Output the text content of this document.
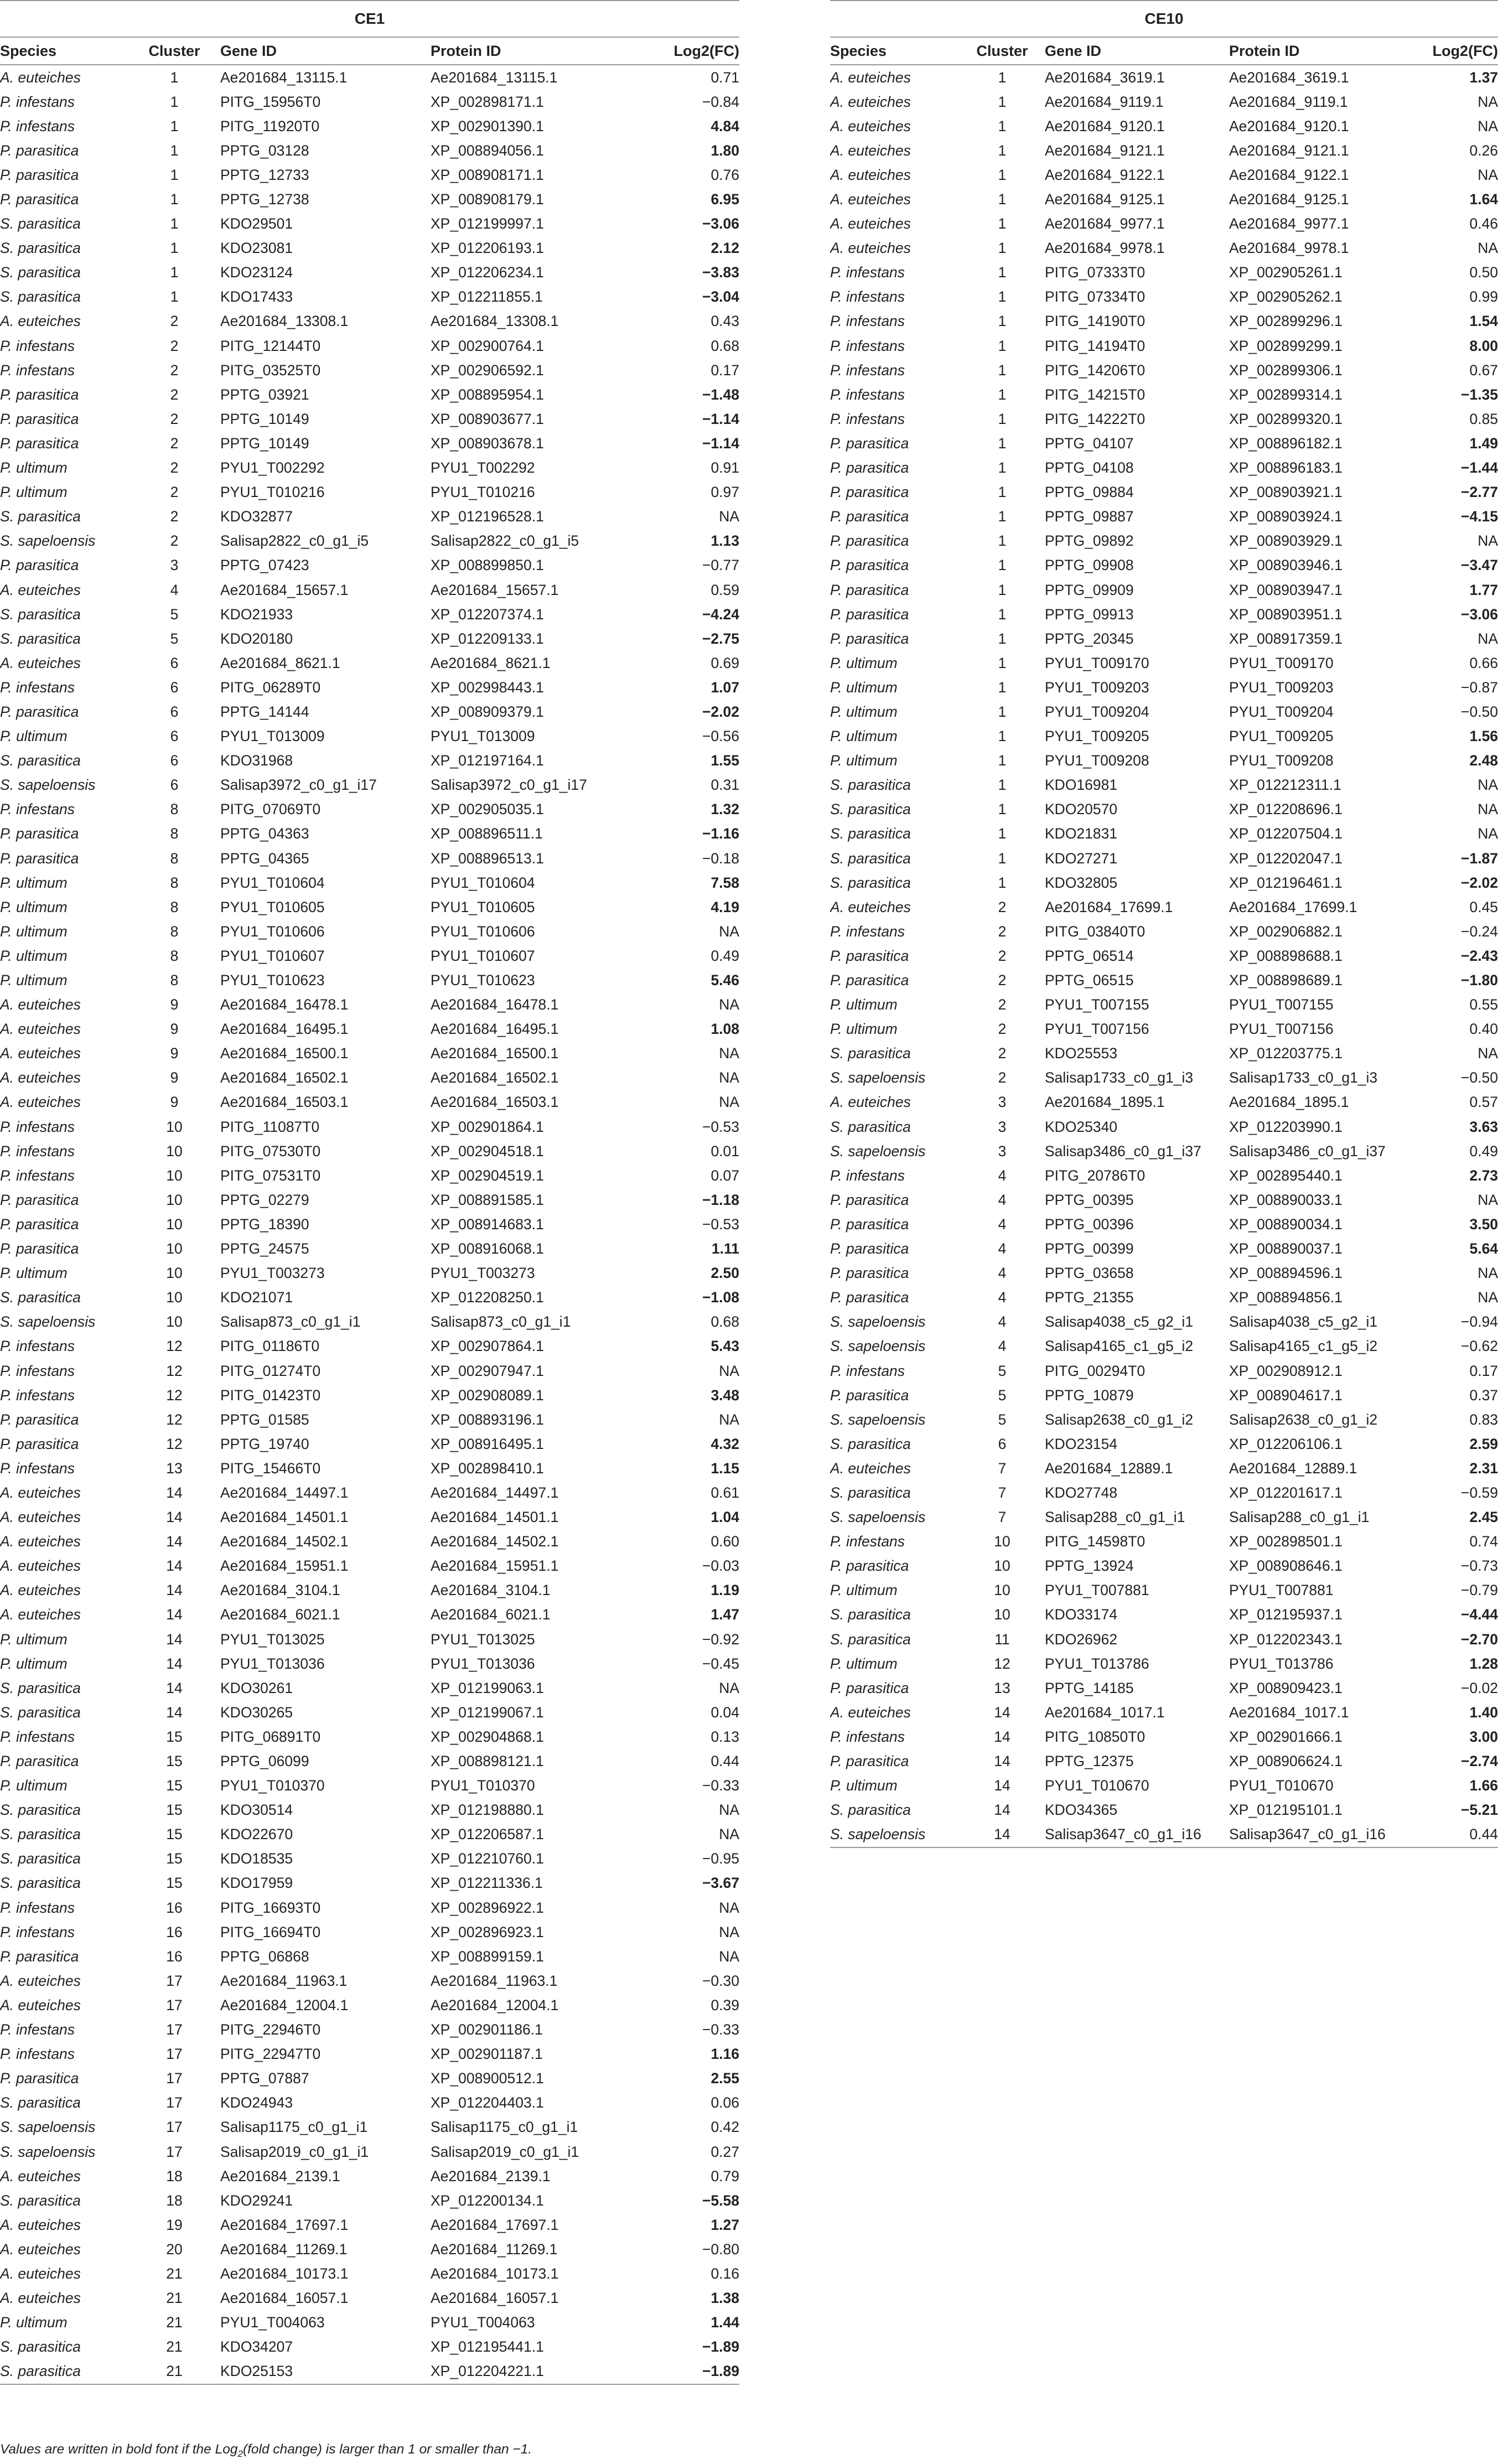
CE1				
Species	Cluster	Gene ID	Protein ID	Log2(FC)
A. euteiches	1	Ae201684_13115.1	Ae201684_13115.1	0.71
P. infestans	1	PITG_15956T0	XP_002898171.1	−0.84
P. infestans	1	PITG_11920T0	XP_002901390.1	4.84
P. parasitica	1	PPTG_03128	XP_008894056.1	1.80
P. parasitica	1	PPTG_12733	XP_008908171.1	0.76
P. parasitica	1	PPTG_12738	XP_008908179.1	6.95
S. parasitica	1	KDO29501	XP_012199997.1	−3.06
S. parasitica	1	KDO23081	XP_012206193.1	2.12
S. parasitica	1	KDO23124	XP_012206234.1	−3.83
S. parasitica	1	KDO17433	XP_012211855.1	−3.04
A. euteiches	2	Ae201684_13308.1	Ae201684_13308.1	0.43
P. infestans	2	PITG_12144T0	XP_002900764.1	0.68
P. infestans	2	PITG_03525T0	XP_002906592.1	0.17
P. parasitica	2	PPTG_03921	XP_008895954.1	−1.48
P. parasitica	2	PPTG_10149	XP_008903677.1	−1.14
P. parasitica	2	PPTG_10149	XP_008903678.1	−1.14
P. ultimum	2	PYU1_T002292	PYU1_T002292	0.91
P. ultimum	2	PYU1_T010216	PYU1_T010216	0.97
S. parasitica	2	KDO32877	XP_012196528.1	NA
S. sapeloensis	2	Salisap2822_c0_g1_i5	Salisap2822_c0_g1_i5	1.13
P. parasitica	3	PPTG_07423	XP_008899850.1	−0.77
A. euteiches	4	Ae201684_15657.1	Ae201684_15657.1	0.59
S. parasitica	5	KDO21933	XP_012207374.1	−4.24
S. parasitica	5	KDO20180	XP_012209133.1	−2.75
A. euteiches	6	Ae201684_8621.1	Ae201684_8621.1	0.69
P. infestans	6	PITG_06289T0	XP_002998443.1	1.07
P. parasitica	6	PPTG_14144	XP_008909379.1	−2.02
P. ultimum	6	PYU1_T013009	PYU1_T013009	−0.56
S. parasitica	6	KDO31968	XP_012197164.1	1.55
S. sapeloensis	6	Salisap3972_c0_g1_i17	Salisap3972_c0_g1_i17	0.31
P. infestans	8	PITG_07069T0	XP_002905035.1	1.32
P. parasitica	8	PPTG_04363	XP_008896511.1	−1.16
P. parasitica	8	PPTG_04365	XP_008896513.1	−0.18
P. ultimum	8	PYU1_T010604	PYU1_T010604	7.58
P. ultimum	8	PYU1_T010605	PYU1_T010605	4.19
P. ultimum	8	PYU1_T010606	PYU1_T010606	NA
P. ultimum	8	PYU1_T010607	PYU1_T010607	0.49
P. ultimum	8	PYU1_T010623	PYU1_T010623	5.46
A. euteiches	9	Ae201684_16478.1	Ae201684_16478.1	NA
A. euteiches	9	Ae201684_16495.1	Ae201684_16495.1	1.08
A. euteiches	9	Ae201684_16500.1	Ae201684_16500.1	NA
A. euteiches	9	Ae201684_16502.1	Ae201684_16502.1	NA
A. euteiches	9	Ae201684_16503.1	Ae201684_16503.1	NA
P. infestans	10	PITG_11087T0	XP_002901864.1	−0.53
P. infestans	10	PITG_07530T0	XP_002904518.1	0.01
P. infestans	10	PITG_07531T0	XP_002904519.1	0.07
P. parasitica	10	PPTG_02279	XP_008891585.1	−1.18
P. parasitica	10	PPTG_18390	XP_008914683.1	−0.53
P. parasitica	10	PPTG_24575	XP_008916068.1	1.11
P. ultimum	10	PYU1_T003273	PYU1_T003273	2.50
S. parasitica	10	KDO21071	XP_012208250.1	−1.08
S. sapeloensis	10	Salisap873_c0_g1_i1	Salisap873_c0_g1_i1	0.68
P. infestans	12	PITG_01186T0	XP_002907864.1	5.43
P. infestans	12	PITG_01274T0	XP_002907947.1	NA
P. infestans	12	PITG_01423T0	XP_002908089.1	3.48
P. parasitica	12	PPTG_01585	XP_008893196.1	NA
P. parasitica	12	PPTG_19740	XP_008916495.1	4.32
P. infestans	13	PITG_15466T0	XP_002898410.1	1.15
A. euteiches	14	Ae201684_14497.1	Ae201684_14497.1	0.61
A. euteiches	14	Ae201684_14501.1	Ae201684_14501.1	1.04
A. euteiches	14	Ae201684_14502.1	Ae201684_14502.1	0.60
A. euteiches	14	Ae201684_15951.1	Ae201684_15951.1	−0.03
A. euteiches	14	Ae201684_3104.1	Ae201684_3104.1	1.19
A. euteiches	14	Ae201684_6021.1	Ae201684_6021.1	1.47
P. ultimum	14	PYU1_T013025	PYU1_T013025	−0.92
P. ultimum	14	PYU1_T013036	PYU1_T013036	−0.45
S. parasitica	14	KDO30261	XP_012199063.1	NA
S. parasitica	14	KDO30265	XP_012199067.1	0.04
P. infestans	15	PITG_06891T0	XP_002904868.1	0.13
P. parasitica	15	PPTG_06099	XP_008898121.1	0.44
P. ultimum	15	PYU1_T010370	PYU1_T010370	−0.33
S. parasitica	15	KDO30514	XP_012198880.1	NA
S. parasitica	15	KDO22670	XP_012206587.1	NA
S. parasitica	15	KDO18535	XP_012210760.1	−0.95
S. parasitica	15	KDO17959	XP_012211336.1	−3.67
P. infestans	16	PITG_16693T0	XP_002896922.1	NA
P. infestans	16	PITG_16694T0	XP_002896923.1	NA
P. parasitica	16	PPTG_06868	XP_008899159.1	NA
A. euteiches	17	Ae201684_11963.1	Ae201684_11963.1	−0.30
A. euteiches	17	Ae201684_12004.1	Ae201684_12004.1	0.39
P. infestans	17	PITG_22946T0	XP_002901186.1	−0.33
P. infestans	17	PITG_22947T0	XP_002901187.1	1.16
P. parasitica	17	PPTG_07887	XP_008900512.1	2.55
S. parasitica	17	KDO24943	XP_012204403.1	0.06
S. sapeloensis	17	Salisap1175_c0_g1_i1	Salisap1175_c0_g1_i1	0.42
S. sapeloensis	17	Salisap2019_c0_g1_i1	Salisap2019_c0_g1_i1	0.27
A. euteiches	18	Ae201684_2139.1	Ae201684_2139.1	0.79
S. parasitica	18	KDO29241	XP_012200134.1	−5.58
A. euteiches	19	Ae201684_17697.1	Ae201684_17697.1	1.27
A. euteiches	20	Ae201684_11269.1	Ae201684_11269.1	−0.80
A. euteiches	21	Ae201684_10173.1	Ae201684_10173.1	0.16
A. euteiches	21	Ae201684_16057.1	Ae201684_16057.1	1.38
P. ultimum	21	PYU1_T004063	PYU1_T004063	1.44
S. parasitica	21	KDO34207	XP_012195441.1	−1.89
S. parasitica	21	KDO25153	XP_012204221.1	−1.89
CE10				
Species	Cluster	Gene ID	Protein ID	Log2(FC)
A. euteiches	1	Ae201684_3619.1	Ae201684_3619.1	1.37
A. euteiches	1	Ae201684_9119.1	Ae201684_9119.1	NA
A. euteiches	1	Ae201684_9120.1	Ae201684_9120.1	NA
A. euteiches	1	Ae201684_9121.1	Ae201684_9121.1	0.26
A. euteiches	1	Ae201684_9122.1	Ae201684_9122.1	NA
A. euteiches	1	Ae201684_9125.1	Ae201684_9125.1	1.64
A. euteiches	1	Ae201684_9977.1	Ae201684_9977.1	0.46
A. euteiches	1	Ae201684_9978.1	Ae201684_9978.1	NA
P. infestans	1	PITG_07333T0	XP_002905261.1	0.50
P. infestans	1	PITG_07334T0	XP_002905262.1	0.99
P. infestans	1	PITG_14190T0	XP_002899296.1	1.54
P. infestans	1	PITG_14194T0	XP_002899299.1	8.00
P. infestans	1	PITG_14206T0	XP_002899306.1	0.67
P. infestans	1	PITG_14215T0	XP_002899314.1	−1.35
P. infestans	1	PITG_14222T0	XP_002899320.1	0.85
P. parasitica	1	PPTG_04107	XP_008896182.1	1.49
P. parasitica	1	PPTG_04108	XP_008896183.1	−1.44
P. parasitica	1	PPTG_09884	XP_008903921.1	−2.77
P. parasitica	1	PPTG_09887	XP_008903924.1	−4.15
P. parasitica	1	PPTG_09892	XP_008903929.1	NA
P. parasitica	1	PPTG_09908	XP_008903946.1	−3.47
P. parasitica	1	PPTG_09909	XP_008903947.1	1.77
P. parasitica	1	PPTG_09913	XP_008903951.1	−3.06
P. parasitica	1	PPTG_20345	XP_008917359.1	NA
P. ultimum	1	PYU1_T009170	PYU1_T009170	0.66
P. ultimum	1	PYU1_T009203	PYU1_T009203	−0.87
P. ultimum	1	PYU1_T009204	PYU1_T009204	−0.50
P. ultimum	1	PYU1_T009205	PYU1_T009205	1.56
P. ultimum	1	PYU1_T009208	PYU1_T009208	2.48
S. parasitica	1	KDO16981	XP_012212311.1	NA
S. parasitica	1	KDO20570	XP_012208696.1	NA
S. parasitica	1	KDO21831	XP_012207504.1	NA
S. parasitica	1	KDO27271	XP_012202047.1	−1.87
S. parasitica	1	KDO32805	XP_012196461.1	−2.02
A. euteiches	2	Ae201684_17699.1	Ae201684_17699.1	0.45
P. infestans	2	PITG_03840T0	XP_002906882.1	−0.24
P. parasitica	2	PPTG_06514	XP_008898688.1	−2.43
P. parasitica	2	PPTG_06515	XP_008898689.1	−1.80
P. ultimum	2	PYU1_T007155	PYU1_T007155	0.55
P. ultimum	2	PYU1_T007156	PYU1_T007156	0.40
S. parasitica	2	KDO25553	XP_012203775.1	NA
S. sapeloensis	2	Salisap1733_c0_g1_i3	Salisap1733_c0_g1_i3	−0.50
A. euteiches	3	Ae201684_1895.1	Ae201684_1895.1	0.57
S. parasitica	3	KDO25340	XP_012203990.1	3.63
S. sapeloensis	3	Salisap3486_c0_g1_i37	Salisap3486_c0_g1_i37	0.49
P. infestans	4	PITG_20786T0	XP_002895440.1	2.73
P. parasitica	4	PPTG_00395	XP_008890033.1	NA
P. parasitica	4	PPTG_00396	XP_008890034.1	3.50
P. parasitica	4	PPTG_00399	XP_008890037.1	5.64
P. parasitica	4	PPTG_03658	XP_008894596.1	NA
P. parasitica	4	PPTG_21355	XP_008894856.1	NA
S. sapeloensis	4	Salisap4038_c5_g2_i1	Salisap4038_c5_g2_i1	−0.94
S. sapeloensis	4	Salisap4165_c1_g5_i2	Salisap4165_c1_g5_i2	−0.62
P. infestans	5	PITG_00294T0	XP_002908912.1	0.17
P. parasitica	5	PPTG_10879	XP_008904617.1	0.37
S. sapeloensis	5	Salisap2638_c0_g1_i2	Salisap2638_c0_g1_i2	0.83
S. parasitica	6	KDO23154	XP_012206106.1	2.59
A. euteiches	7	Ae201684_12889.1	Ae201684_12889.1	2.31
S. parasitica	7	KDO27748	XP_012201617.1	−0.59
S. sapeloensis	7	Salisap288_c0_g1_i1	Salisap288_c0_g1_i1	2.45
P. infestans	10	PITG_14598T0	XP_002898501.1	0.74
P. parasitica	10	PPTG_13924	XP_008908646.1	−0.73
P. ultimum	10	PYU1_T007881	PYU1_T007881	−0.79
S. parasitica	10	KDO33174	XP_012195937.1	−4.44
S. parasitica	11	KDO26962	XP_012202343.1	−2.70
P. ultimum	12	PYU1_T013786	PYU1_T013786	1.28
P. parasitica	13	PPTG_14185	XP_008909423.1	−0.02
A. euteiches	14	Ae201684_1017.1	Ae201684_1017.1	1.40
P. infestans	14	PITG_10850T0	XP_002901666.1	3.00
P. parasitica	14	PPTG_12375	XP_008906624.1	−2.74
P. ultimum	14	PYU1_T010670	PYU1_T010670	1.66
S. parasitica	14	KDO34365	XP_012195101.1	−5.21
S. sapeloensis	14	Salisap3647_c0_g1_i16	Salisap3647_c0_g1_i16	0.44
Values are written in bold font if the Log$_2$(fold change) is larger than 1 or smaller than −1.
